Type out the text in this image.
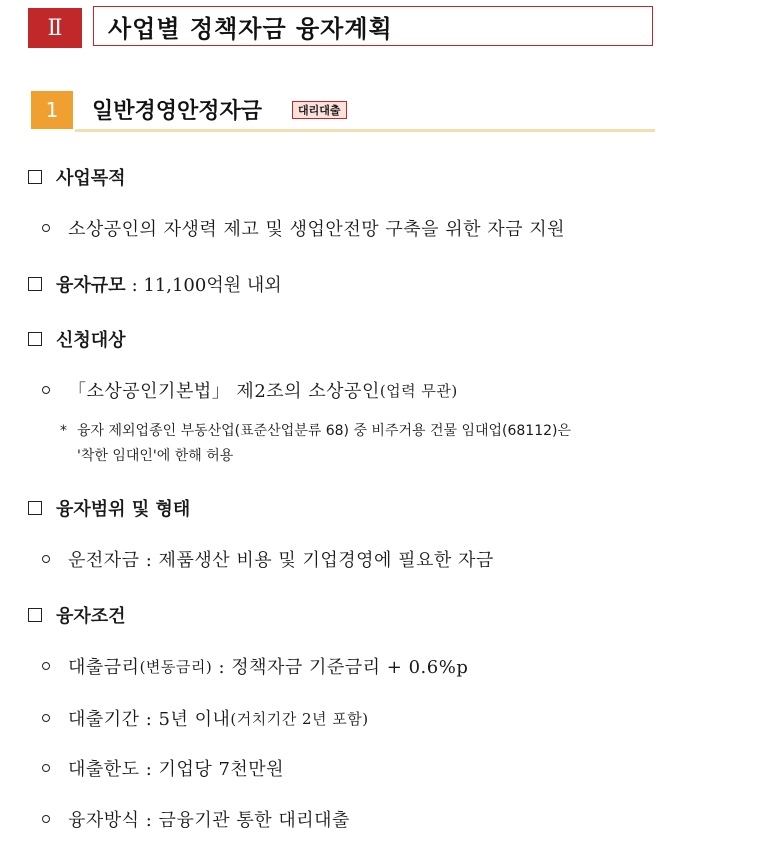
Ⅱ	사업별 정책자금 융자계획
1	일반경영안정자금	대리대출
사업목적
소상공인의 자생력 제고 및 생업안전망 구축을 위한 자금 지원
융자규모 : 11,100억원 내외
신청대상
「소상공인기본법」 제2조의 소상공인 (업력 무관)
* 융자 제외업종인 부동산업(표준산업분류 68) 중 비주거용 건물 임대업(68112)은
'착한 임대인'에 한해 허용
융자범위 및 형태
운전자금 : 제품생산 비용 및 기업경영에 필요한 자금
융자조건
대출금리 (변동금리) : 정책자금 기준금리 + 0.6%p
대출기간 : 5년 이내 (거치기간 2년 포함)
대출한도 : 기업당 7천만원
융자방식 : 금융기관 통한 대리대출
